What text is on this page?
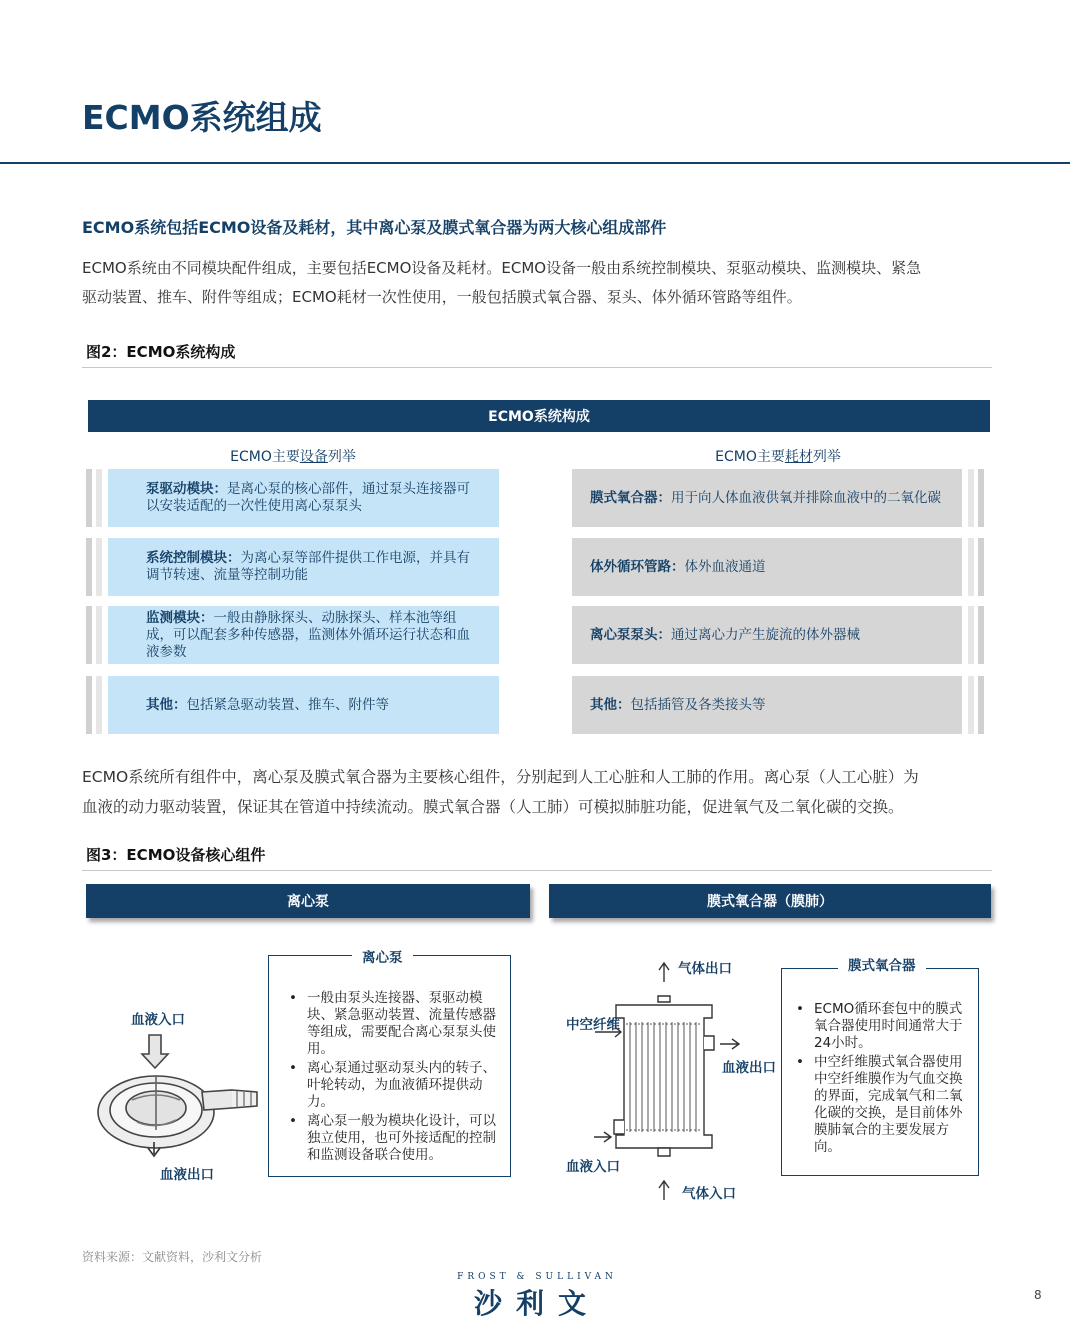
ECMO系统组成
ECMO系统包括ECMO设备及耗材，其中离心泵及膜式氧合器为两大核心组成部件
ECMO系统由不同模块配件组成，主要包括ECMO设备及耗材。ECMO设备一般由系统控制模块、泵驱动模块、监测模块、紧急
驱动装置、推车、附件等组成；ECMO耗材一次性使用，一般包括膜式氧合器、泵头、体外循环管路等组件。
图2：ECMO系统构成
ECMO系统构成
ECMO主要设备列举	ECMO主要耗材列举
泵驱动模块：是离心泵的核心部件，通过泵头连接器可以安装适配的一次性使用离心泵泵头
系统控制模块：为离心泵等部件提供工作电源，并具有调节转速、流量等控制功能
监测模块：一般由静脉探头、动脉探头、样本池等组成，可以配套多种传感器，监测体外循环运行状态和血液参数
其他：包括紧急驱动装置、推车、附件等
膜式氧合器：用于向人体血液供氧并排除血液中的二氧化碳
体外循环管路：体外血液通道
离心泵泵头：通过离心力产生旋流的体外器械
其他：包括插管及各类接头等
ECMO系统所有组件中，离心泵及膜式氧合器为主要核心组件，分别起到人工心脏和人工肺的作用。离心泵（人工心脏）为
血液的动力驱动装置，保证其在管道中持续流动。膜式氧合器（人工肺）可模拟肺脏功能，促进氧气及二氧化碳的交换。
图3：ECMO设备核心组件
离心泵	膜式氧合器（膜肺）
血液入口
血液出口
• 一般由泵头连接器、泵驱动模块、紧急驱动装置、流量传感器等组成，需要配合离心泵泵头使用。
• 离心泵通过驱动泵头内的转子、叶轮转动，为血液循环提供动力。
• 离心泵一般为模块化设计，可以独立使用，也可外接适配的控制和监测设备联合使用。
离心泵
气体出口
中空纤维
血液出口
血液入口
气体入口
• ECMO循环套包中的膜式氧合器使用时间通常大于24小时。
• 中空纤维膜式氧合器使用中空纤维膜作为气血交换的界面，完成氧气和二氧化碳的交换，是目前体外膜肺氧合的主要发展方向。
膜式氧合器
资料来源：文献资料，沙利文分析
FROST & SULLIVAN
沙利文	8
